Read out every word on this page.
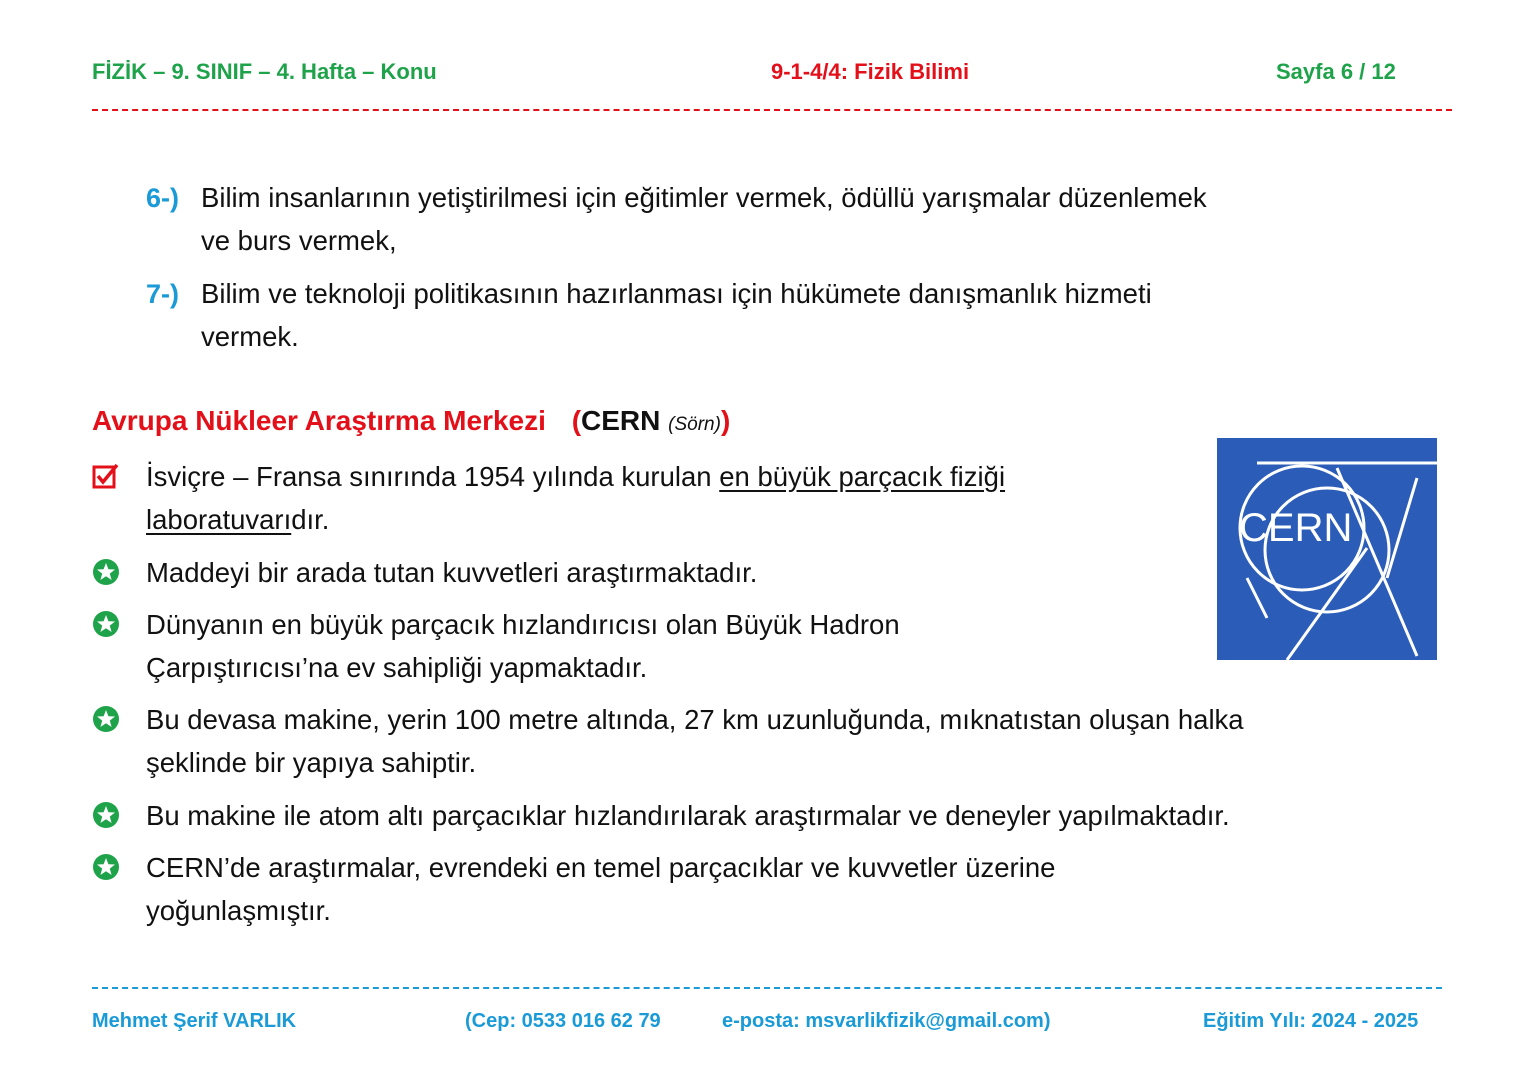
FİZİK – 9. SINIF – 4. Hafta – Konu	9-1-4/4: Fizik Bilimi	Sayfa 6 / 12
6-) Bilim insanlarının yetiştirilmesi için eğitimler vermek, ödüllü yarışmalar düzenlemek
ve burs vermek,
7-) Bilim ve teknoloji politikasının hazırlanması için hükümete danışmanlık hizmeti
vermek.
Avrupa Nükleer Araştırma Merkezi (CERN (Sörn))
CERN
İsviçre – Fransa sınırında 1954 yılında kurulan en büyük parçacık fiziği
laboratuvarıdır.
Maddeyi bir arada tutan kuvvetleri araştırmaktadır.
Dünyanın en büyük parçacık hızlandırıcısı olan Büyük Hadron
Çarpıştırıcısı’na ev sahipliği yapmaktadır.
Bu devasa makine, yerin 100 metre altında, 27 km uzunluğunda, mıknatıstan oluşan halka
şeklinde bir yapıya sahiptir.
Bu makine ile atom altı parçacıklar hızlandırılarak araştırmalar ve deneyler yapılmaktadır.
CERN’de araştırmalar, evrendeki en temel parçacıklar ve kuvvetler üzerine
yoğunlaşmıştır.
Mehmet Şerif VARLIK	(Cep: 0533 016 62 79	e-posta: msvarlikfizik@gmail.com)	Eğitim Yılı: 2024 - 2025
